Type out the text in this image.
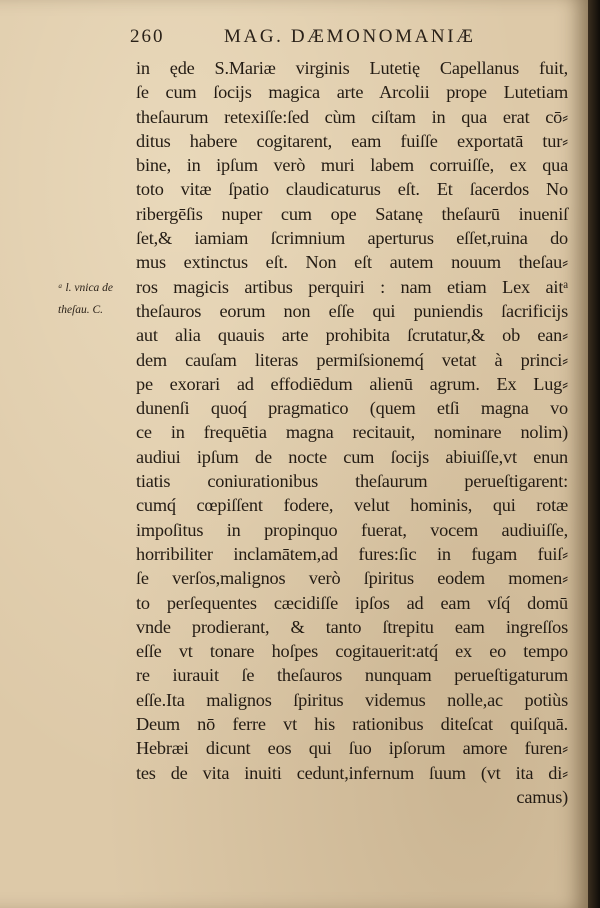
260	MAG. DÆMONOMANIÆ
in ęde S.Mariæ virginis Lutetię Capellanus fuit,
ſe cum ſocijs magica arte Arcolii prope Lutetiam
theſaurum retexiſſe:ſed cùm ciſtam in qua erat cō⸗
ditus habere cogitarent, eam fuiſſe exportatā tur⸗
bine, in ipſum verò muri labem corruiſſe, ex qua
toto vitæ ſpatio claudicaturus eſt. Et ſacerdos No
ribergēſis nuper cum ope Satanę theſaurū inueniſ
ſet,& iamiam ſcrimnium aperturus eſſet,ruina do
mus extinctus eſt. Non eſt autem nouum theſau⸗
ros magicis artibus perquiri : nam etiam Lex aitᵃ
theſauros eorum non eſſe qui puniendis ſacrificijs
aut alia quauis arte prohibita ſcrutatur,& ob ean⸗
dem cauſam literas permiſsionemq́ vetat à princi⸗
pe exorari ad effodiēdum alienū agrum. Ex Lug⸗
dunenſi quoq́ pragmatico (quem etſi magna vo
ce in frequētia magna recitauit, nominare nolim)
audiui ipſum de nocte cum ſocijs abiuiſſe,vt enun
tiatis coniurationibus theſaurum perueſtigarent:
cumq́ cœpiſſent fodere, velut hominis, qui rotæ
impoſitus in propinquo fuerat, vocem audiuiſſe,
horribiliter inclamātem,ad fures:ſic in fugam fuiſ⸗
ſe verſos,malignos verò ſpiritus eodem momen⸗
to perſequentes cæcidiſſe ipſos ad eam vſq́ domū
vnde prodierant, & tanto ſtrepitu eam ingreſſos
eſſe vt tonare hoſpes cogitauerit:atq́ ex eo tempo
re iurauit ſe theſauros nunquam perueſtigaturum
eſſe.Ita malignos ſpiritus videmus nolle,ac potiùs
Deum nō ferre vt his rationibus diteſcat quiſquā.
Hebræi dicunt eos qui ſuo ipſorum amore furen⸗
tes de vita inuiti cedunt,infernum ſuum (vt ita di⸗
camus)
ᵃ l. vnica de
theſau. C.
